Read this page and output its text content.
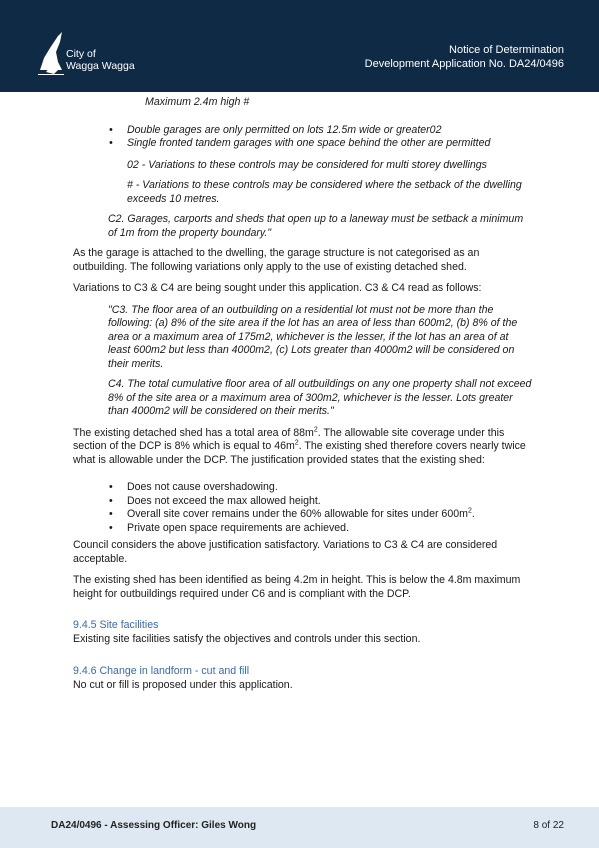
City of
Wagga Wagga
Notice of Determination
Development Application No. DA24/0496

Maximum 2.4m high #

• Double garages are only permitted on lots 12.5m wide or greater02
• Single fronted tandem garages with one space behind the other are permitted

02 - Variations to these controls may be considered for multi storey dwellings

# - Variations to these controls may be considered where the setback of the dwelling exceeds 10 metres.

C2. Garages, carports and sheds that open up to a laneway must be setback a minimum of 1m from the property boundary."

As the garage is attached to the dwelling, the garage structure is not categorised as an outbuilding. The following variations only apply to the use of existing detached shed.

Variations to C3 & C4 are being sought under this application. C3 & C4 read as follows:

"C3. The floor area of an outbuilding on a residential lot must not be more than the following: (a) 8% of the site area if the lot has an area of less than 600m2, (b) 8% of the area or a maximum area of 175m2, whichever is the lesser, if the lot has an area of at least 600m2 but less than 4000m2, (c) Lots greater than 4000m2 will be considered on their merits.

C4. The total cumulative floor area of all outbuildings on any one property shall not exceed 8% of the site area or a maximum area of 300m2, whichever is the lesser. Lots greater than 4000m2 will be considered on their merits."

The existing detached shed has a total area of $88m^2$. The allowable site coverage under this section of the DCP is 8% which is equal to $46m^2$. The existing shed therefore covers nearly twice what is allowable under the DCP. The justification provided states that the existing shed:

• Does not cause overshadowing.
• Does not exceed the max allowed height.
• Overall site cover remains under the 60% allowable for sites under $600m^2$.
• Private open space requirements are achieved.

Council considers the above justification satisfactory. Variations to C3 & C4 are considered acceptable.

The existing shed has been identified as being 4.2m in height. This is below the 4.8m maximum height for outbuildings required under C6 and is compliant with the DCP.

9.4.5 Site facilities

Existing site facilities satisfy the objectives and controls under this section.

9.4.6 Change in landform - cut and fill

No cut or fill is proposed under this application.

DA24/0496 - Assessing Officer: Giles Wong	8 of 22
